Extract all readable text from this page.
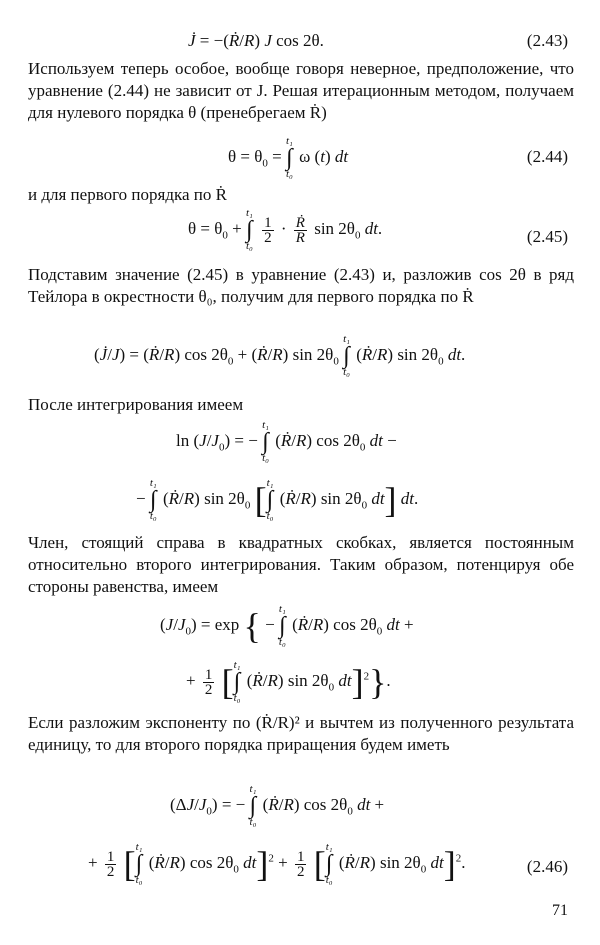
J̇ = −(Ṙ/R) J cos 2θ.	(2.43)

Используем теперь особое, вообще говоря неверное, предположение, что уравнение (2.44) не зависит от J. Решая итерационным методом, получаем для нулевого порядка θ (пренебрегаем Ṙ)

$\theta = \theta_0 = t_1$
∫
t₀ ω (t) dt	(2.44)

и для первого порядка по Ṙ

$\theta = \theta_0 + t_1$
∫
t₀
$\frac{1}{2} \cdot \frac{\text{Ṙ}}{R}$ $\sin 2\theta_0$ dt.	(2.45)

Подставим значение (2.45) в уравнение (2.43) и, разложив cos 2θ в ряд Тейлора в окрестности θ₀, получим для первого порядка по Ṙ

(J̇/J) = (Ṙ/R) $\cos 2\theta_0$ + (Ṙ/R) $\sin 2\theta_0$ t₁
∫
t₀ (Ṙ/R) $\sin 2\theta_0$ dt.

После интегрирования имеем

$\ln (J/J_0)$ = − t₁
∫
t₀ (Ṙ/R) $\cos 2\theta_0$ dt −
− t₁
∫
t₀ (Ṙ/R) $\sin 2\theta_0$ [t₁
∫
t₀ (Ṙ/R) $\sin 2\theta_0$ dt] dt.

Член, стоящий справа в квадратных скобках, является постоянным относительно второго интегрирования. Таким образом, потенцируя обе стороны равенства, имеем

$(J/J_0) = \exp$ { − t₁
∫
t₀ (Ṙ/R) $\cos 2\theta_0$ dt +
+ $\frac{1}{2} [t_1$
∫
t₀ (Ṙ/R) $\sin 2\theta_0$ dt]$^2$}.

Если разложим экспоненту по (Ṙ/R)² и вычтем из полученного результата единицу, то для второго порядка приращения будем иметь

$(\Delta J/J_0)$ = − t₁
∫
t₀ (Ṙ/R) $\cos 2\theta_0$ dt +
+ $\frac{1}{2} [t_1$
∫
t₀ (Ṙ/R) $\cos 2\theta_0$ $dt]^2 + \frac{1}{2} [t_1$
∫
t₀ (Ṙ/R) $\sin 2\theta_0$ dt]$^2$.	(2.46)
71
